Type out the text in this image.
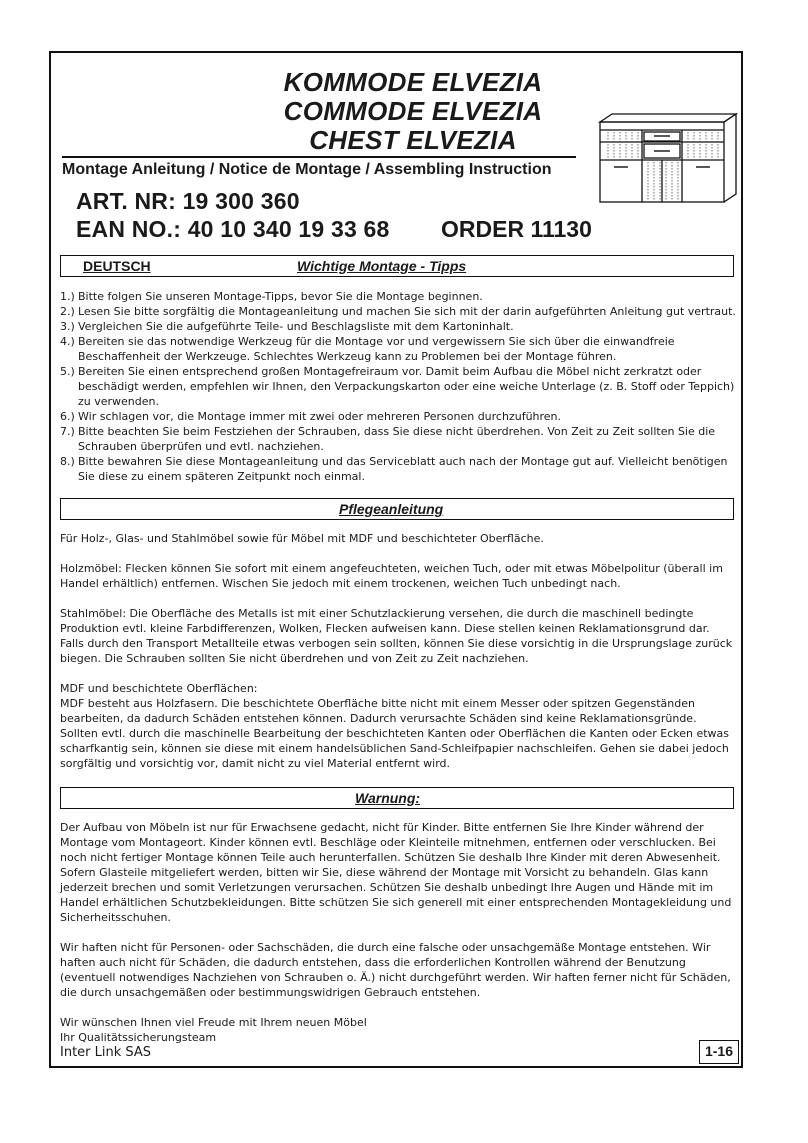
KOMMODE ELVEZIA
COMMODE ELVEZIA
CHEST ELVEZIA
Montage Anleitung / Notice de Montage / Assembling Instruction
ART. NR: 19 300 360
EAN NO.: 40 10 340 19 33 68 ORDER 11130
DEUTSCH	Wichtige Montage - Tipps
1.) Bitte folgen Sie unseren Montage-Tipps, bevor Sie die Montage beginnen.
2.) Lesen Sie bitte sorgfältig die Montageanleitung und machen Sie sich mit der darin aufgeführten Anleitung gut vertraut.
3.) Vergleichen Sie die aufgeführte Teile- und Beschlagsliste mit dem Kartoninhalt.
4.) Bereiten sie das notwendige Werkzeug für die Montage vor und vergewissern Sie sich über die einwandfreie Beschaffenheit der Werkzeuge. Schlechtes Werkzeug kann zu Problemen bei der Montage führen.
5.) Bereiten Sie einen entsprechend großen Montagefreiraum vor. Damit beim Aufbau die Möbel nicht zerkratzt oder beschädigt werden, empfehlen wir Ihnen, den Verpackungskarton oder eine weiche Unterlage (z. B. Stoff oder Teppich) zu verwenden.
6.) Wir schlagen vor, die Montage immer mit zwei oder mehreren Personen durchzuführen.
7.) Bitte beachten Sie beim Festziehen der Schrauben, dass Sie diese nicht überdrehen. Von Zeit zu Zeit sollten Sie die Schrauben überprüfen und evtl. nachziehen.
8.) Bitte bewahren Sie diese Montageanleitung und das Serviceblatt auch nach der Montage gut auf. Vielleicht benötigen Sie diese zu einem späteren Zeitpunkt noch einmal.
Pflegeanleitung

Für Holz-, Glas- und Stahlmöbel sowie für Möbel mit MDF und beschichteter Oberfläche.

Holzmöbel: Flecken können Sie sofort mit einem angefeuchteten, weichen Tuch, oder mit etwas Möbelpolitur (überall im Handel erhältlich) entfernen. Wischen Sie jedoch mit einem trockenen, weichen Tuch unbedingt nach.

Stahlmöbel: Die Oberfläche des Metalls ist mit einer Schutzlackierung versehen, die durch die maschinell bedingte Produktion evtl. kleine Farbdifferenzen, Wolken, Flecken aufweisen kann. Diese stellen keinen Reklamationsgrund dar.

Falls durch den Transport Metallteile etwas verbogen sein sollten, können Sie diese vorsichtig in die Ursprungslage zurück biegen. Die Schrauben sollten Sie nicht überdrehen und von Zeit zu Zeit nachziehen.

MDF und beschichtete Oberflächen:

MDF besteht aus Holzfasern. Die beschichtete Oberfläche bitte nicht mit einem Messer oder spitzen Gegenständen bearbeiten, da dadurch Schäden entstehen können. Dadurch verursachte Schäden sind keine Reklamationsgründe.

Sollten evtl. durch die maschinelle Bearbeitung der beschichteten Kanten oder Oberflächen die Kanten oder Ecken etwas scharfkantig sein, können sie diese mit einem handelsüblichen Sand-Schleifpapier nachschleifen. Gehen sie dabei jedoch sorgfältig und vorsichtig vor, damit nicht zu viel Material entfernt wird.

Warnung:

Der Aufbau von Möbeln ist nur für Erwachsene gedacht, nicht für Kinder. Bitte entfernen Sie Ihre Kinder während der Montage vom Montageort. Kinder können evtl. Beschläge oder Kleinteile mitnehmen, entfernen oder verschlucken. Bei noch nicht fertiger Montage können Teile auch herunterfallen. Schützen Sie deshalb Ihre Kinder mit deren Abwesenheit.

Sofern Glasteile mitgeliefert werden, bitten wir Sie, diese während der Montage mit Vorsicht zu behandeln. Glas kann jederzeit brechen und somit Verletzungen verursachen. Schützen Sie deshalb unbedingt Ihre Augen und Hände mit im Handel erhältlichen Schutzbekleidungen. Bitte schützen Sie sich generell mit einer entsprechenden Montagekleidung und Sicherheitsschuhen.

Wir haften nicht für Personen- oder Sachschäden, die durch eine falsche oder unsachgemäße Montage entstehen. Wir haften auch nicht für Schäden, die dadurch entstehen, dass die erforderlichen Kontrollen während der Benutzung (eventuell notwendiges Nachziehen von Schrauben o. Ä.) nicht durchgeführt werden. Wir haften ferner nicht für Schäden, die durch unsachgemäßen oder bestimmungswidrigen Gebrauch entstehen.

Wir wünschen Ihnen viel Freude mit Ihrem neuen Möbel

Ihr Qualitätssicherungsteam

Inter Link SAS	1-16
